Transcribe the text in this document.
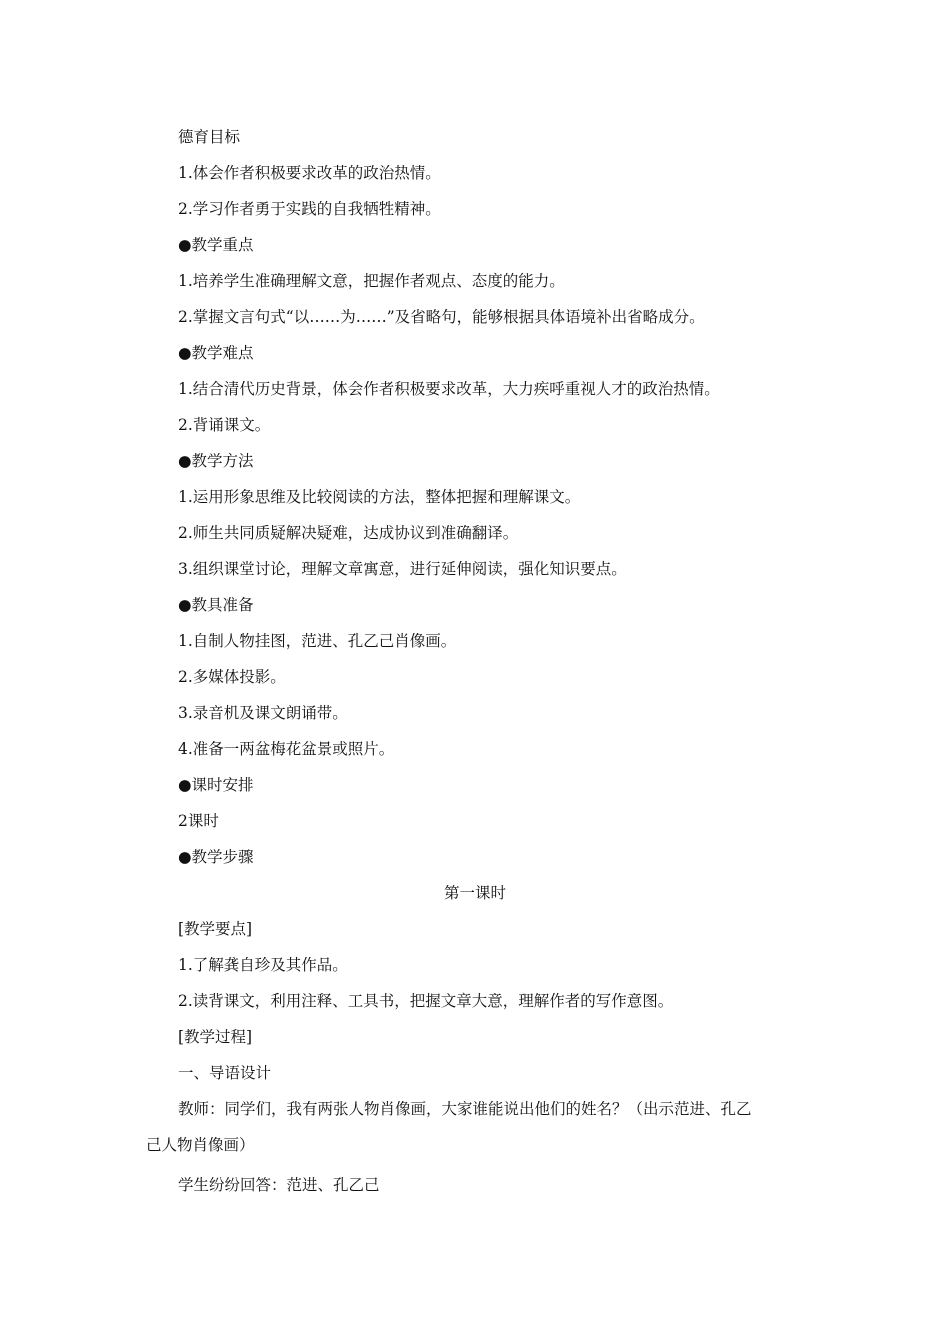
德育目标
1.体会作者积极要求改革的政治热情。
2.学习作者勇于实践的自我牺牲精神。
●教学重点
1.培养学生准确理解文意，把握作者观点、态度的能力。
2.掌握文言句式“以……为……”及省略句，能够根据具体语境补出省略成分。
●教学难点
1.结合清代历史背景，体会作者积极要求改革，大力疾呼重视人才的政治热情。
2.背诵课文。
●教学方法
1.运用形象思维及比较阅读的方法，整体把握和理解课文。
2.师生共同质疑解决疑难，达成协议到准确翻译。
3.组织课堂讨论，理解文章寓意，进行延伸阅读，强化知识要点。
●教具准备
1.自制人物挂图，范进、孔乙己肖像画。
2.多媒体投影。
3.录音机及课文朗诵带。
4.准备一两盆梅花盆景或照片。
●课时安排
2课时
●教学步骤
第一课时
[教学要点]
1.了解龚自珍及其作品。
2.读背课文，利用注释、工具书，把握文章大意，理解作者的写作意图。
[教学过程]
一、导语设计
教师：同学们，我有两张人物肖像画，大家谁能说出他们的姓名？（出示范进、孔乙
己人物肖像画）
学生纷纷回答：范进、孔乙己
